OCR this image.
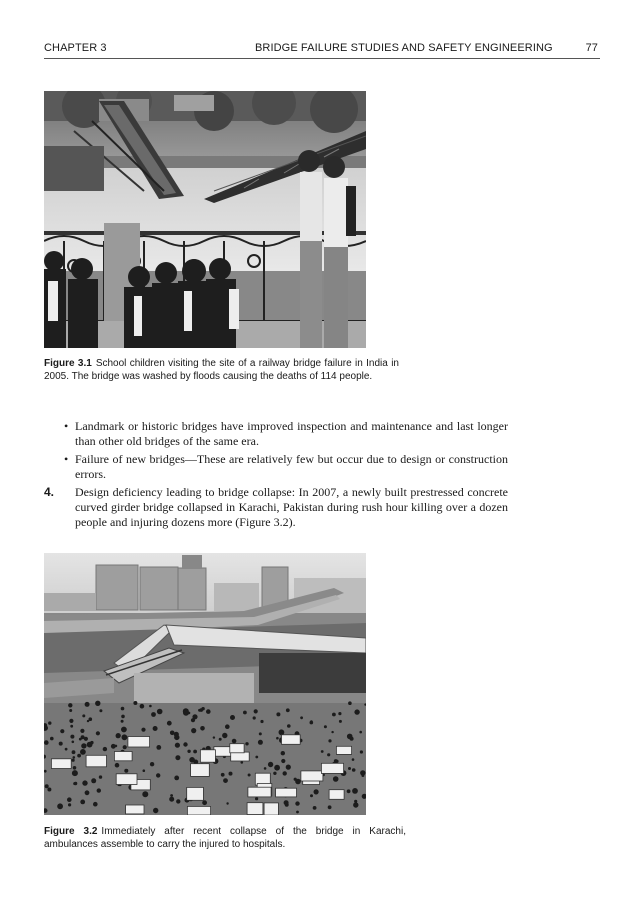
CHAPTER 3	BRIDGE FAILURE STUDIES AND SAFETY ENGINEERING	77
Figure 3.1 School children visiting the site of a railway bridge failure in India in 2005. The bridge was washed by floods causing the deaths of 114 people.
• Landmark or historic bridges have improved inspection and maintenance and last longer than other old bridges of the same era.
• Failure of new bridges—These are relatively few but occur due to design or construction errors.
4. Design deficiency leading to bridge collapse: In 2007, a newly built prestressed concrete curved girder bridge collapsed in Karachi, Pakistan during rush hour killing over a dozen people and injuring dozens more (Figure 3.2).
Figure 3.2 Immediately after recent collapse of the bridge in Karachi, ambulances assemble to carry the injured to hospitals.
